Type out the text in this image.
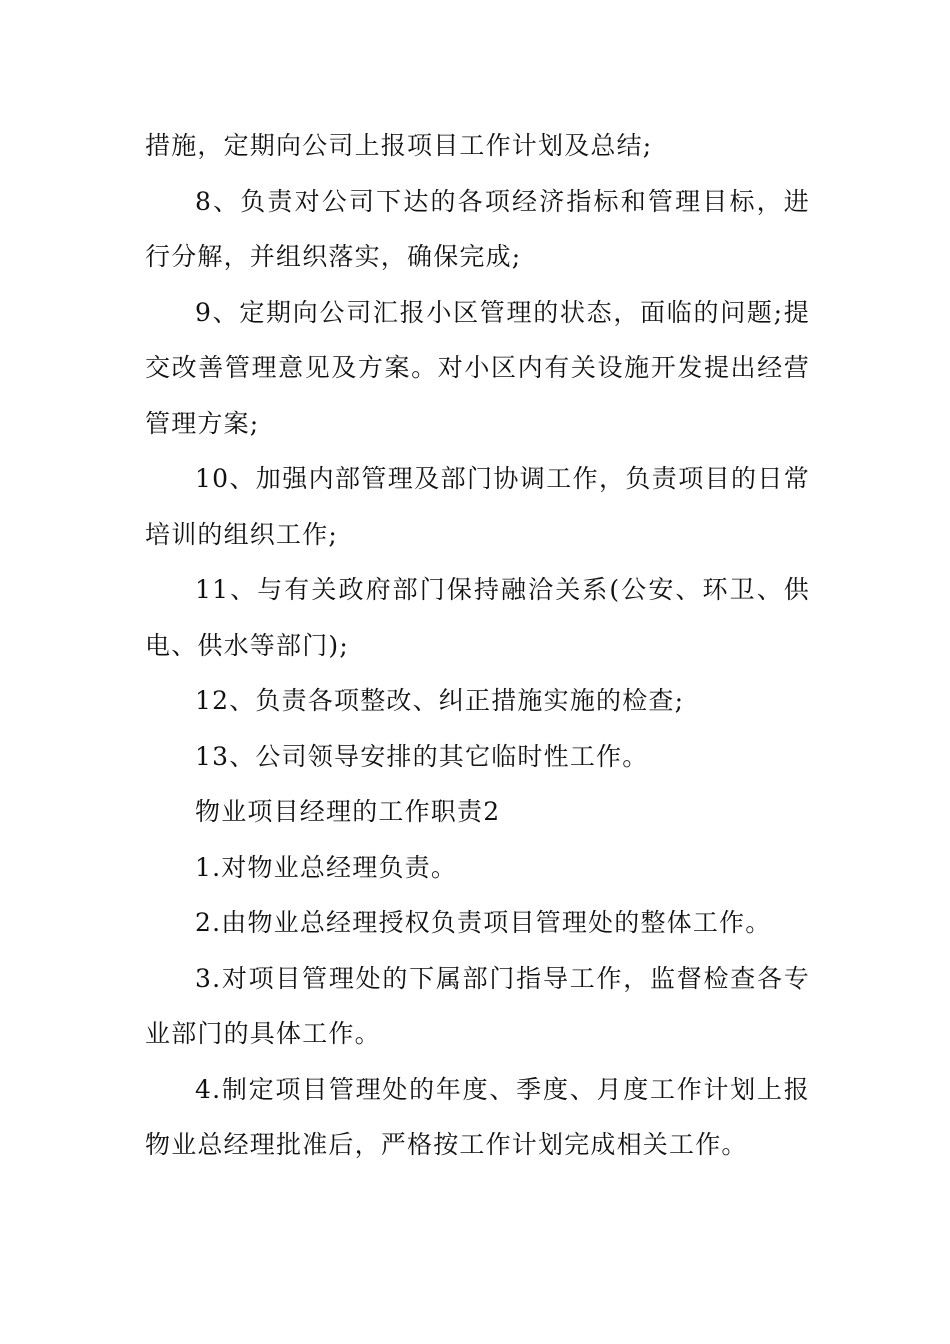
措施，定期向公司上报项目工作计划及总结;

8、负责对公司下达的各项经济指标和管理目标，进行分解，并组织落实，确保完成;

9、定期向公司汇报小区管理的状态，面临的问题;提交改善管理意见及方案。对小区内有关设施开发提出经营管理方案;

10、加强内部管理及部门协调工作，负责项目的日常培训的组织工作;

11、与有关政府部门保持融洽关系(公安、环卫、供电、供水等部门);

12、负责各项整改、纠正措施实施的检查;

13、公司领导安排的其它临时性工作。

物业项目经理的工作职责2

1.对物业总经理负责。

2.由物业总经理授权负责项目管理处的整体工作。

3.对项目管理处的下属部门指导工作，监督检查各专业部门的具体工作。

4.制定项目管理处的年度、季度、月度工作计划上报物业总经理批准后，严格按工作计划完成相关工作。
